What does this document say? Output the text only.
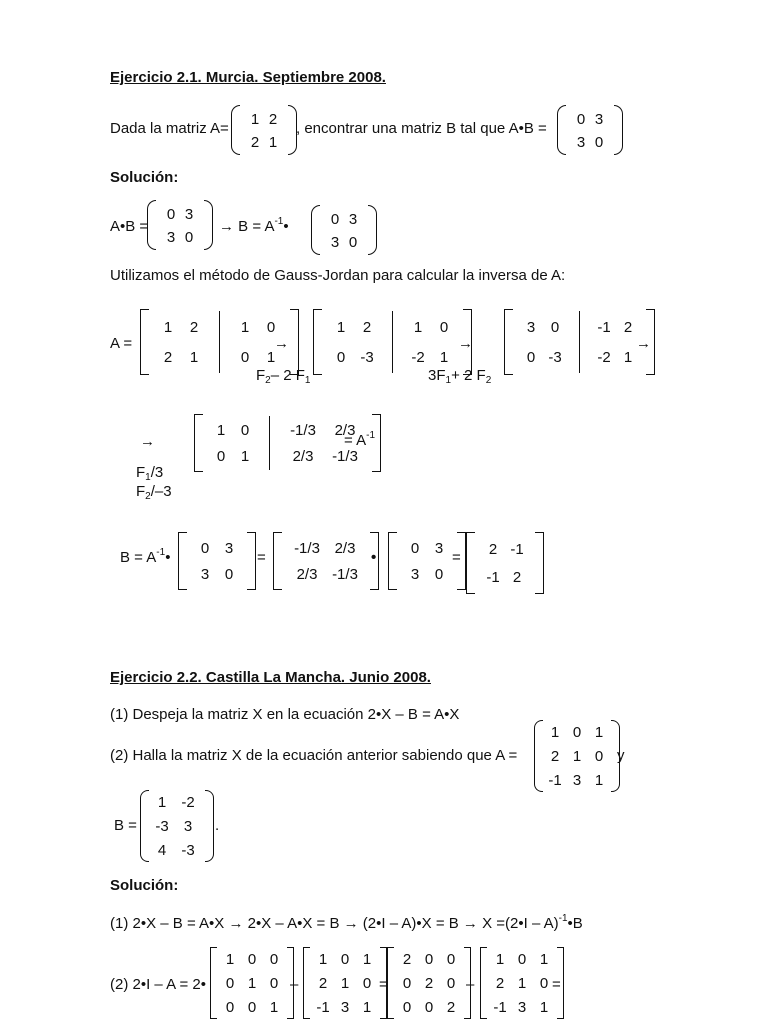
Ejercicio 2.1. Murcia. Septiembre 2008.
Dada la matriz A=
1 2
2 1
, encontrar una matriz B tal que A•B =
0 3
3 0
Solución:
A•B =
0 3
3 0
→ $B = A^{-1}•$	0 3
3 0
Utilizamos el método de Gauss-Jordan para calcular la inversa de A:
A =
1 2
2 1
1 0
0 1
→
1 2
0 -3
1 0
-2 1
$F_2-$ 2 $F_1$
→
3 0
0 -3
-1 2
-2 1
$3F_1+ 2$ $F_2$
→
→
1 0
0 1
-1/3 2/3
2/3 -1/3
= $A^{-1}$
$F_1/3$
$F_2/-3$
$B = A^{-1}•$
0 3
3 0
=
-1/3 2/3
2/3 -1/3
•
0 3
3 0
= 2 -1
-1 2
Ejercicio 2.2. Castilla La Mancha. Junio 2008.
(1) Despeja la matriz X en la ecuación 2•X – B = A•X
(2) Halla la matriz X de la ecuación anterior sabiendo que A =
1 0 1
2 1 0
-1 3 1
y
B =
1 -2
-3 3
4 -3
.
Solución:
(1) 2•X – B = A•X → 2•X – A•X = B → (2•I – A)•X = B → X =(2•I – A)$^{-1}$•B
(2) 2•I – A = 2•
1 0 0
0 1 0
0 0 1
–
1 0 1
2 1 0
-1 3 1
=
2 0 0
0 2 0
0 0 2
–
1 0 1
2 1 0
-1 3 1
=
